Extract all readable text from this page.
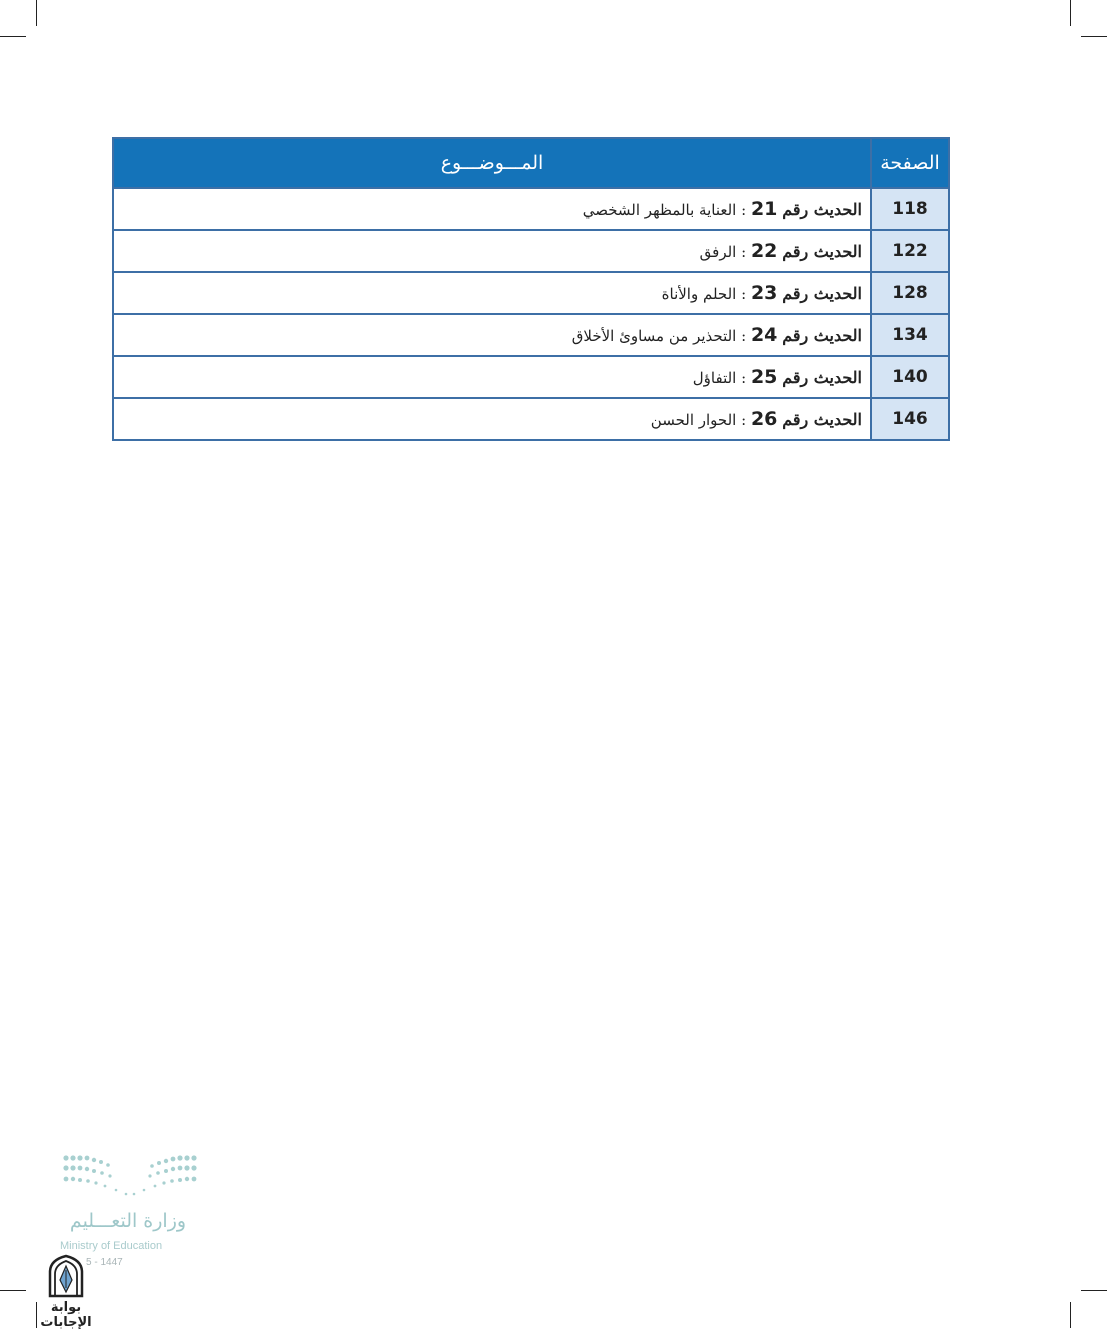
الصفحة	المـــوضـــوع
118	الحديث رقم 21 : العناية بالمظهر الشخصي
122	الحديث رقم 22 : الرفق
128	الحديث رقم 23 : الحلم والأناة
134	الحديث رقم 24 : التحذير من مساوئ الأخلاق
140	الحديث رقم 25 : التفاؤل
146	الحديث رقم 26 : الحوار الحسن
وزارة التعـــليم
Ministry of Education
5 - 1447
بوابة الإجابات
